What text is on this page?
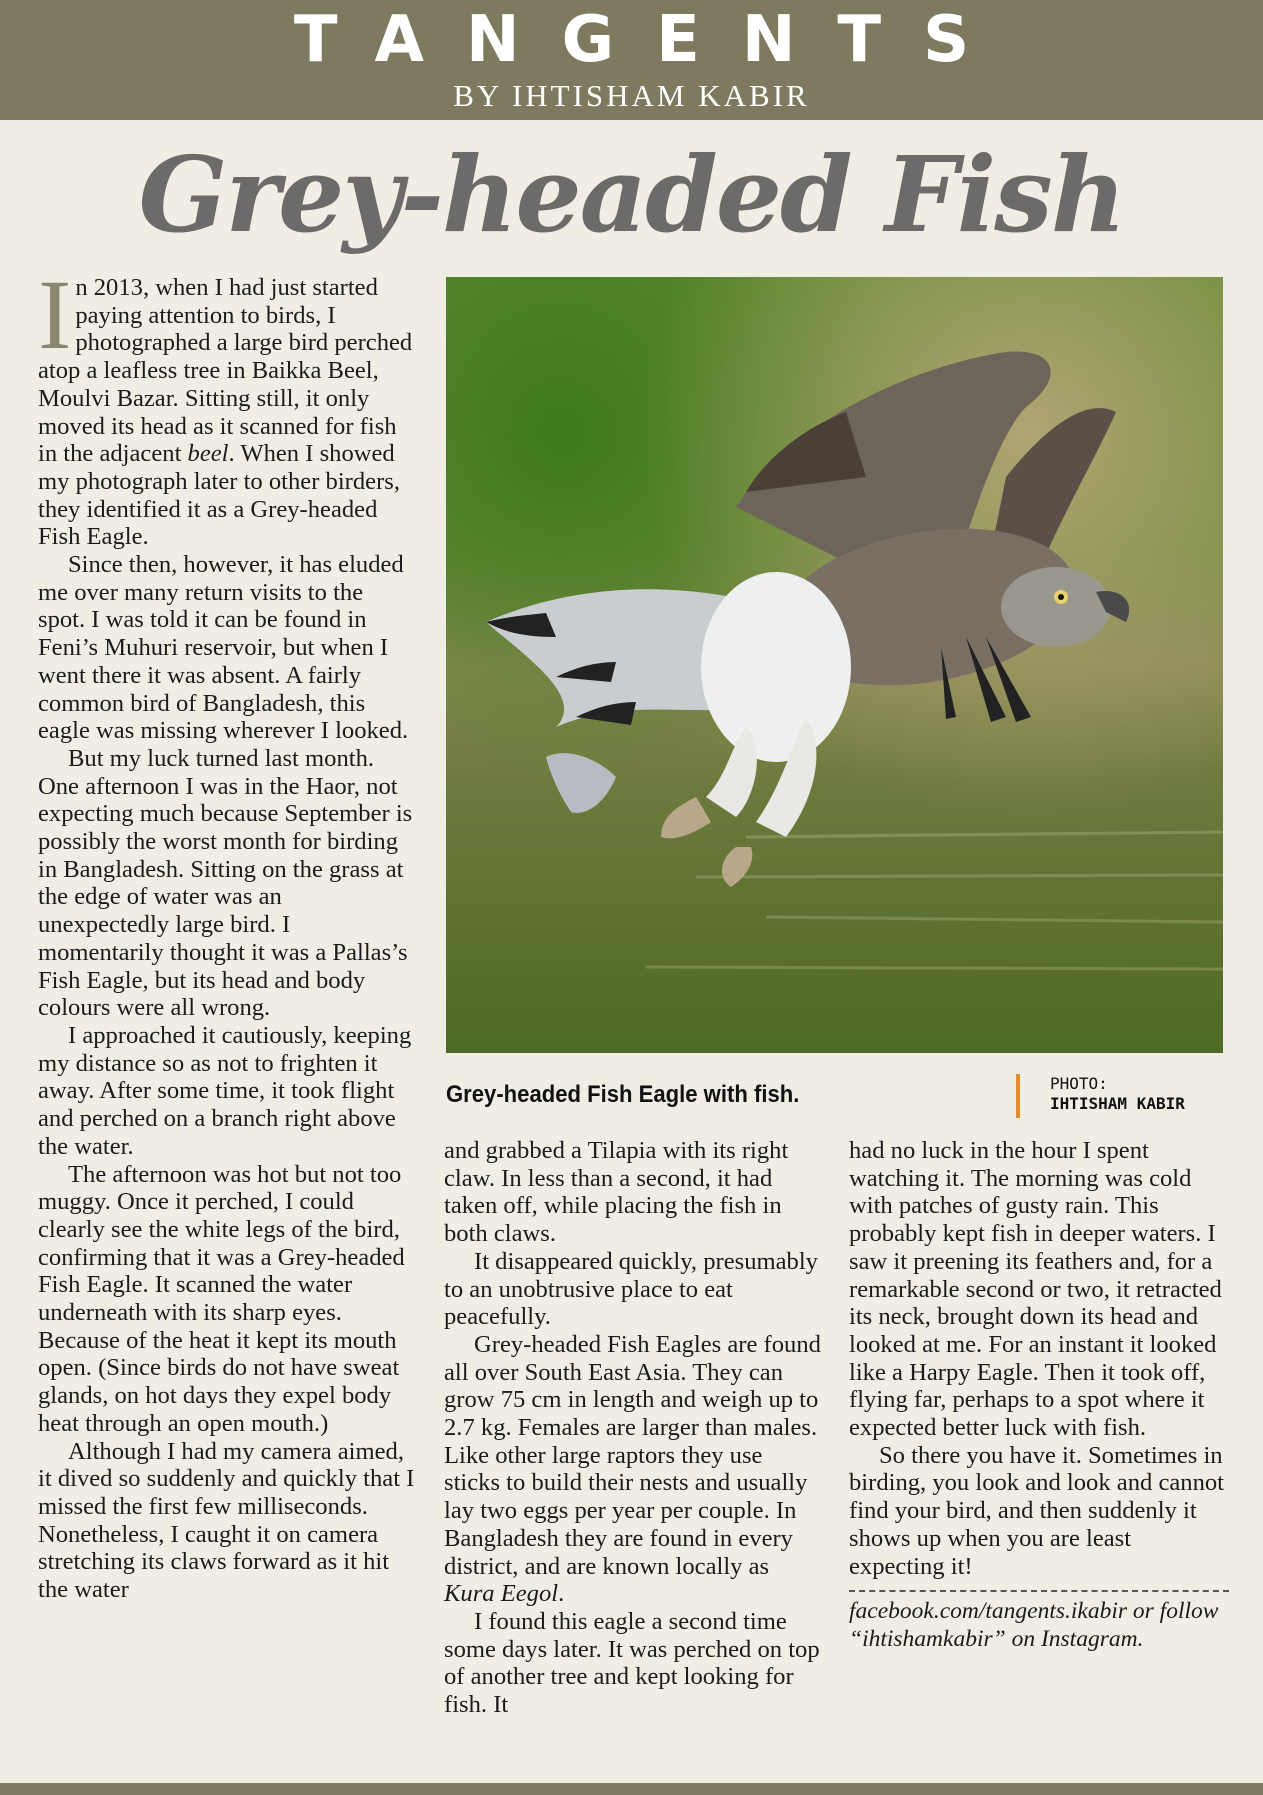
TANGENTS
BY IHTISHAM KABIR
Grey-headed Fish

In 2013, when I had just started paying attention to birds, I photographed a large bird perched atop a leafless tree in Baikka Beel, Moulvi Bazar. Sitting still, it only moved its head as it scanned for fish in the adjacent beel. When I showed my photograph later to other birders, they identified it as a Grey-headed Fish Eagle.

Since then, however, it has eluded me over many return visits to the spot. I was told it can be found in Feni’s Muhuri reservoir, but when I went there it was absent. A fairly common bird of Bangladesh, this eagle was missing wherever I looked.

But my luck turned last month. One afternoon I was in the Haor, not expecting much because September is possibly the worst month for birding in Bangladesh. Sitting on the grass at the edge of water was an unexpectedly large bird. I momentarily thought it was a Pallas’s Fish Eagle, but its head and body colours were all wrong.

I approached it cautiously, keeping my distance so as not to frighten it away. After some time, it took flight and perched on a branch right above the water.

The afternoon was hot but not too muggy. Once it perched, I could clearly see the white legs of the bird, confirming that it was a Grey-headed Fish Eagle. It scanned the water underneath with its sharp eyes. Because of the heat it kept its mouth open. (Since birds do not have sweat glands, on hot days they expel body heat through an open mouth.)

Although I had my camera aimed, it dived so suddenly and quickly that I missed the first few milliseconds. Nonetheless, I caught it on camera stretching its claws forward as it hit the water

Grey-headed Fish Eagle with fish.	PHOTO:
IHTISHAM KABIR

and grabbed a Tilapia with its right claw. In less than a second, it had taken off, while placing the fish in both claws.

It disappeared quickly, presumably to an unobtrusive place to eat peacefully.

Grey-headed Fish Eagles are found all over South East Asia. They can grow 75 cm in length and weigh up to 2.7 kg. Females are larger than males. Like other large raptors they use sticks to build their nests and usually lay two eggs per year per couple. In Bangladesh they are found in every district, and are known locally as Kura Eegol.

I found this eagle a second time some days later. It was perched on top of another tree and kept looking for fish. It

had no luck in the hour I spent watching it. The morning was cold with patches of gusty rain. This probably kept fish in deeper waters. I saw it preening its feathers and, for a remarkable second or two, it retracted its neck, brought down its head and looked at me. For an instant it looked like a Harpy Eagle. Then it took off, flying far, perhaps to a spot where it expected better luck with fish.

So there you have it. Sometimes in birding, you look and look and cannot find your bird, and then suddenly it shows up when you are least expecting it!

facebook.com/tangents.ikabir or follow “ihtishamkabir” on Instagram.
